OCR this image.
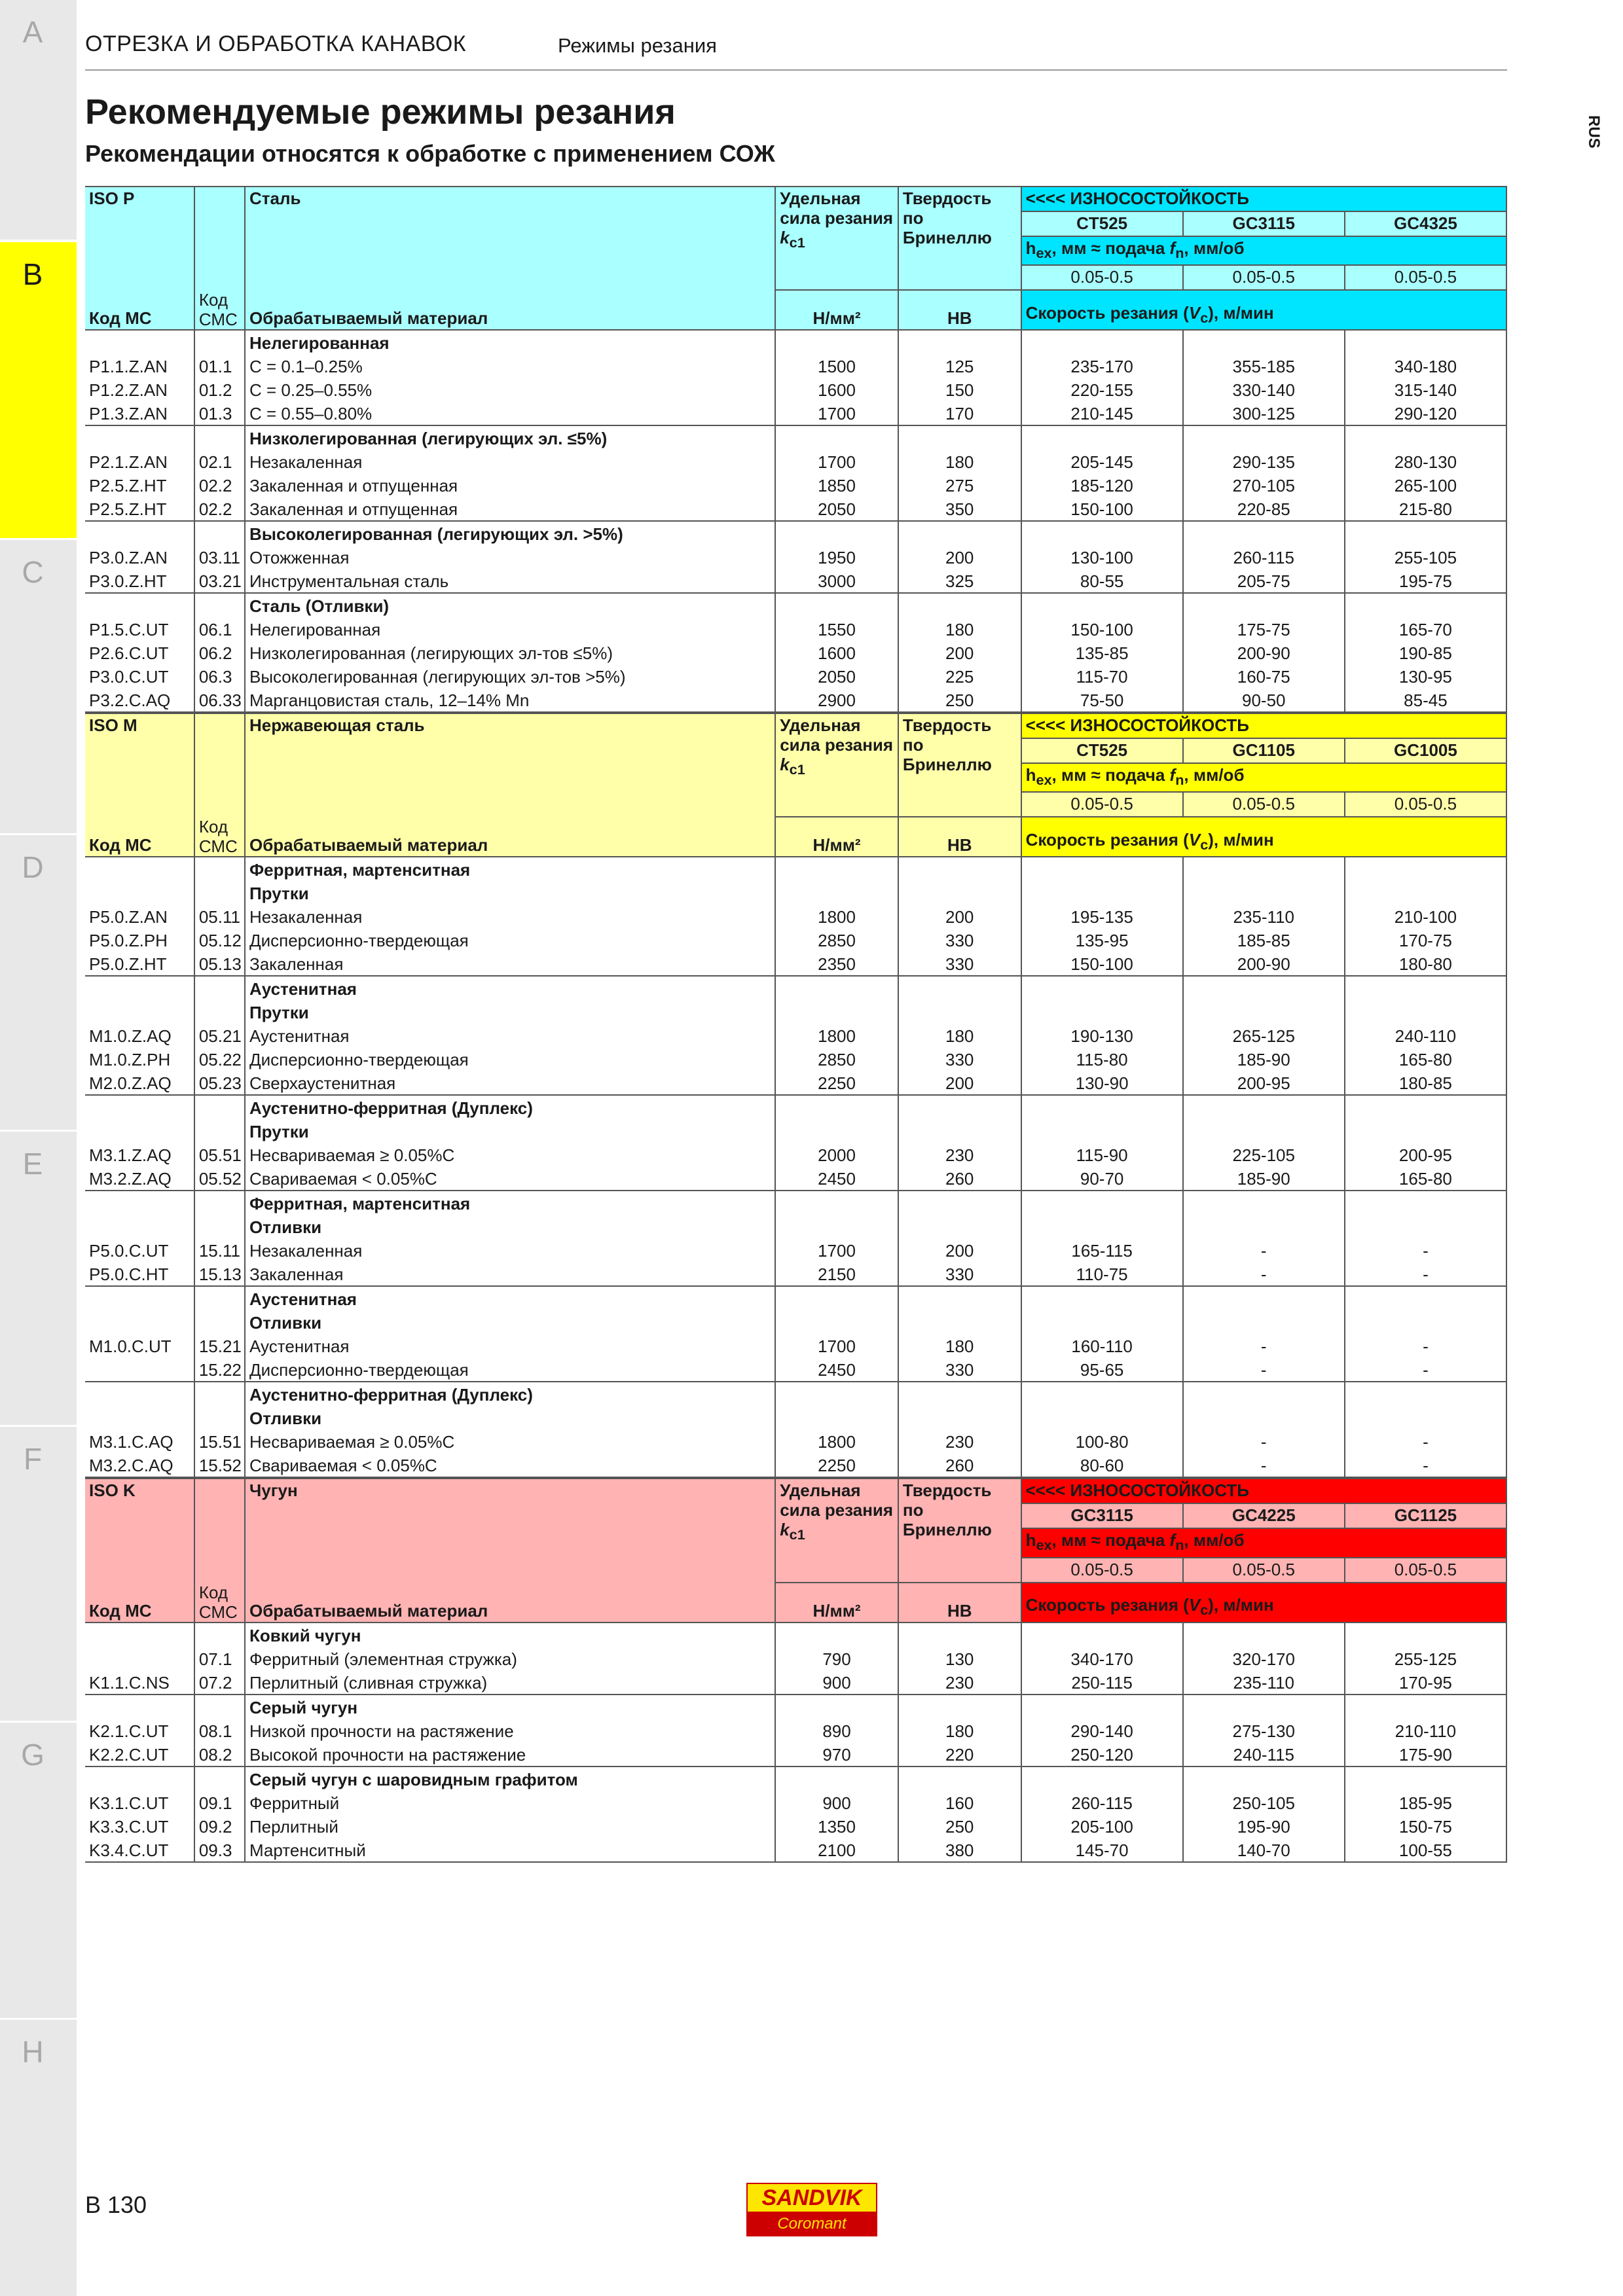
A
B
C
D
E
F
G
H
ОТРЕЗКА И ОБРАБОТКА КАНАВОК	Режимы резания
RUS
Рекомендуемые режимы резания
Рекомендации относятся к обработке с применением СОЖ
ISO P		Сталь	Удельная сила резания
$k_{c1}$	Твердость по Бринеллю	<<<< ИЗНОСОСТОЙКОСТЬ		
					CT525	GC3115	GC4325
					$h_{ex}$, мм ≈ подача $f_n$, мм/об		
					0.05-0.5	0.05-0.5	0.05-0.5
Код МС	Код
СМС	Обрабатываемый материал	Н/мм²	HB	Скорость резания $(V_c)$, м/мин		
		Нелегированная					
P1.1.Z.AN	01.1	C = 0.1–0.25%	1500	125	235-170	355-185	340-180
P1.2.Z.AN	01.2	C = 0.25–0.55%	1600	150	220-155	330-140	315-140
P1.3.Z.AN	01.3	C = 0.55–0.80%	1700	170	210-145	300-125	290-120
		Низколегированная (легирующих эл. ≤5%)					
P2.1.Z.AN	02.1	Незакаленная	1700	180	205-145	290-135	280-130
P2.5.Z.HT	02.2	Закаленная и отпущенная	1850	275	185-120	270-105	265-100
P2.5.Z.HT	02.2	Закаленная и отпущенная	2050	350	150-100	220-85	215-80
		Высоколегированная (легирующих эл. >5%)					
P3.0.Z.AN	03.11	Отожженная	1950	200	130-100	260-115	255-105
P3.0.Z.HT	03.21	Инструментальная сталь	3000	325	80-55	205-75	195-75
		Сталь (Отливки)					
P1.5.C.UT	06.1	Нелегированная	1550	180	150-100	175-75	165-70
P2.6.C.UT	06.2	Низколегированная (легирующих эл-тов ≤5%)	1600	200	135-85	200-90	190-85
P3.0.C.UT	06.3	Высоколегированная (легирующих эл-тов >5%)	2050	225	115-70	160-75	130-95
P3.2.C.AQ	06.33	Марганцовистая сталь, 12–14% Mn	2900	250	75-50	90-50	85-45
ISO M		Нержавеющая сталь	Удельная сила резания
$k_{c1}$	Твердость по Бринеллю	<<<< ИЗНОСОСТОЙКОСТЬ		
					CT525	GC1105	GC1005
					$h_{ex}$, мм ≈ подача $f_n$, мм/об		
					0.05-0.5	0.05-0.5	0.05-0.5
Код МС	Код
СМС	Обрабатываемый материал	Н/мм²	HB	Скорость резания $(V_c)$, м/мин		
		Ферритная, мартенситная					
		Прутки					
P5.0.Z.AN	05.11	Незакаленная	1800	200	195-135	235-110	210-100
P5.0.Z.PH	05.12	Дисперсионно-твердеющая	2850	330	135-95	185-85	170-75
P5.0.Z.HT	05.13	Закаленная	2350	330	150-100	200-90	180-80
		Аустенитная					
		Прутки					
M1.0.Z.AQ	05.21	Аустенитная	1800	180	190-130	265-125	240-110
M1.0.Z.PH	05.22	Дисперсионно-твердеющая	2850	330	115-80	185-90	165-80
M2.0.Z.AQ	05.23	Сверхаустенитная	2250	200	130-90	200-95	180-85
		Аустенитно-ферритная (Дуплекс)					
		Прутки					
M3.1.Z.AQ	05.51	Несвариваемая ≥ 0.05%C	2000	230	115-90	225-105	200-95
M3.2.Z.AQ	05.52	Свариваемая < 0.05%C	2450	260	90-70	185-90	165-80
		Ферритная, мартенситная					
		Отливки					
P5.0.C.UT	15.11	Незакаленная	1700	200	165-115	-	-
P5.0.C.HT	15.13	Закаленная	2150	330	110-75	-	-
		Аустенитная					
		Отливки					
M1.0.C.UT	15.21	Аустенитная	1700	180	160-110	-	-
	15.22	Дисперсионно-твердеющая	2450	330	95-65	-	-
		Аустенитно-ферритная (Дуплекс)					
		Отливки					
M3.1.C.AQ	15.51	Несвариваемая ≥ 0.05%C	1800	230	100-80	-	-
M3.2.C.AQ	15.52	Свариваемая < 0.05%C	2250	260	80-60	-	-
ISO K		Чугун	Удельная сила резания
$k_{c1}$	Твердость по Бринеллю	<<<< ИЗНОСОСТОЙКОСТЬ		
					GC3115	GC4225	GC1125
					$h_{ex}$, мм ≈ подача $f_n$, мм/об		
					0.05-0.5	0.05-0.5	0.05-0.5
Код МС	Код
СМС	Обрабатываемый материал	Н/мм²	HB	Скорость резания $(V_c)$, м/мин		
		Ковкий чугун					
	07.1	Ферритный (элементная стружка)	790	130	340-170	320-170	255-125
K1.1.C.NS	07.2	Перлитный (сливная стружка)	900	230	250-115	235-110	170-95
		Серый чугун					
K2.1.C.UT	08.1	Низкой прочности на растяжение	890	180	290-140	275-130	210-110
K2.2.C.UT	08.2	Высокой прочности на растяжение	970	220	250-120	240-115	175-90
		Серый чугун с шаровидным графитом					
K3.1.C.UT	09.1	Ферритный	900	160	260-115	250-105	185-95
K3.3.C.UT	09.2	Перлитный	1350	250	205-100	195-90	150-75
K3.4.C.UT	09.3	Мартенситный	2100	380	145-70	140-70	100-55
B 130	SANDVIK
Coromant
